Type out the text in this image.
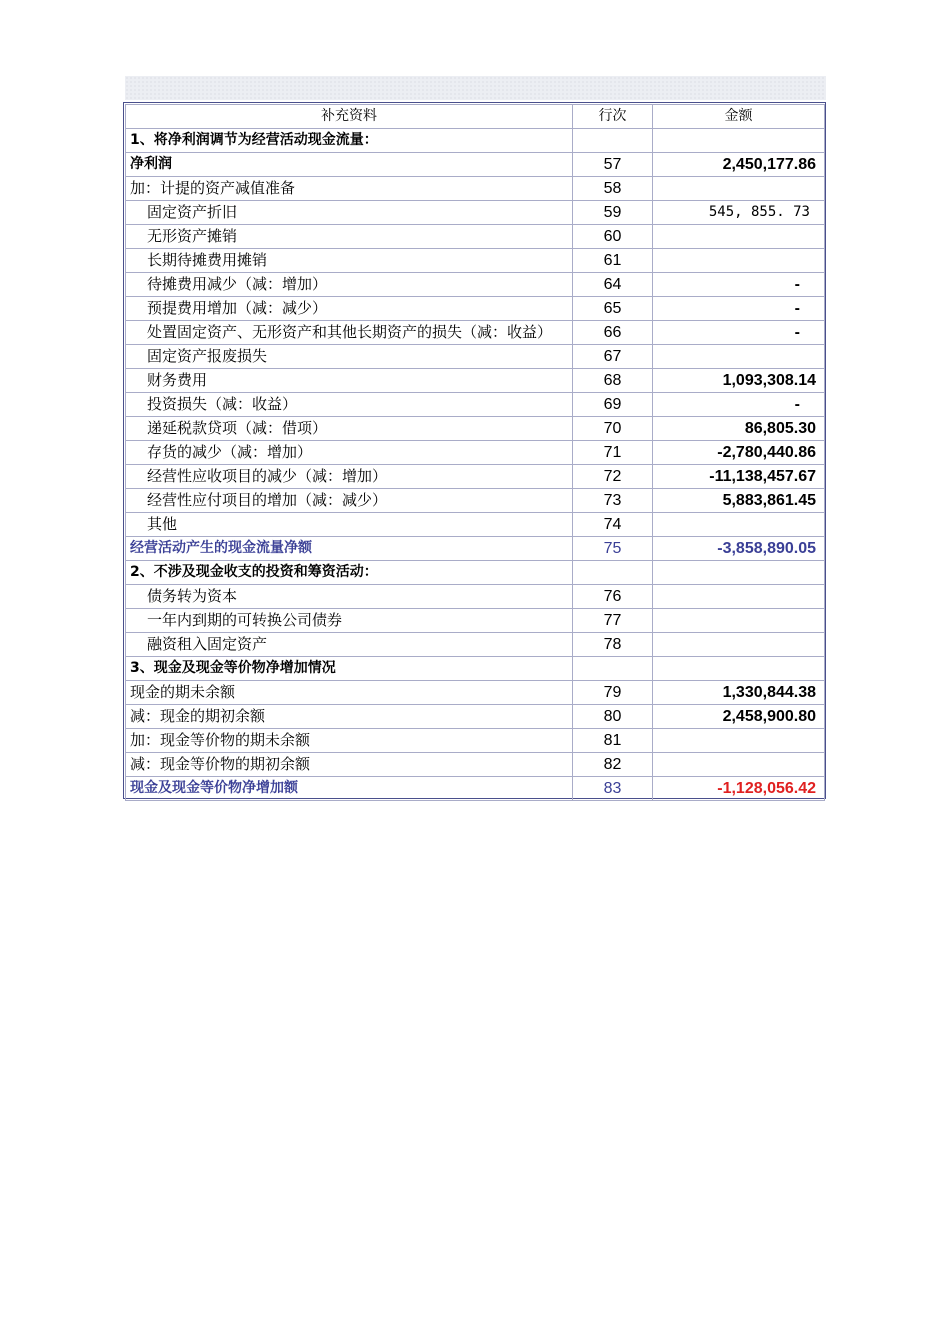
补充资料	行次	金额
1、将净利润调节为经营活动现金流量：		
净利润	57	2,450,177.86
加：计提的资产减值准备	58	
固定资产折旧	59	545, 855. 73
无形资产摊销	60	
长期待摊费用摊销	61	
待摊费用减少（减：增加）	64	-
预提费用增加（减：减少）	65	-
处置固定资产、无形资产和其他长期资产的损失（减：收益）	66	-
固定资产报废损失	67	
财务费用	68	1,093,308.14
投资损失（减：收益）	69	-
递延税款贷项（减：借项）	70	86,805.30
存货的减少（减：增加）	71	-2,780,440.86
经营性应收项目的减少（减：增加）	72	-11,138,457.67
经营性应付项目的增加（减：减少）	73	5,883,861.45
其他	74	
经营活动产生的现金流量净额	75	-3,858,890.05
2、不涉及现金收支的投资和筹资活动：		
债务转为资本	76	
一年内到期的可转换公司债券	77	
融资租入固定资产	78	
3、现金及现金等价物净增加情况		
现金的期未余额	79	1,330,844.38
减：现金的期初余额	80	2,458,900.80
加：现金等价物的期未余额	81	
减：现金等价物的期初余额	82	
现金及现金等价物净增加额	83	-1,128,056.42
